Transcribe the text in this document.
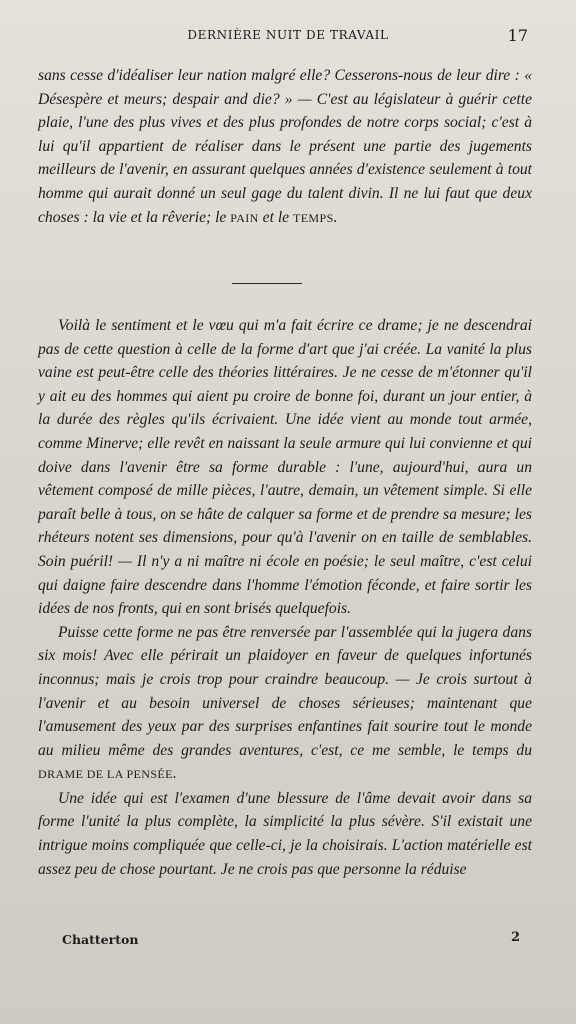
DERNIÈRE NUIT DE TRAVAIL	17

sans cesse d'idéaliser leur nation malgré elle? Cesserons-nous de leur dire : « Désespère et meurs; despair and die? » — C'est au législateur à guérir cette plaie, l'une des plus vives et des plus profondes de notre corps social; c'est à lui qu'il appartient de réaliser dans le présent une partie des jugements meilleurs de l'avenir, en assurant quelques années d'existence seulement à tout homme qui aurait donné un seul gage du talent divin. Il ne lui faut que deux choses : la vie et la rêverie; le PAIN et le TEMPS.

Voilà le sentiment et le vœu qui m'a fait écrire ce drame; je ne descendrai pas de cette question à celle de la forme d'art que j'ai créée. La vanité la plus vaine est peut-être celle des théories littéraires. Je ne cesse de m'étonner qu'il y ait eu des hommes qui aient pu croire de bonne foi, durant un jour entier, à la durée des règles qu'ils écrivaient. Une idée vient au monde tout armée, comme Minerve; elle revêt en naissant la seule armure qui lui convienne et qui doive dans l'avenir être sa forme durable : l'une, aujourd'hui, aura un vêtement composé de mille pièces, l'autre, demain, un vêtement simple. Si elle paraît belle à tous, on se hâte de calquer sa forme et de prendre sa mesure; les rhéteurs notent ses dimensions, pour qu'à l'avenir on en taille de semblables. Soin puéril! — Il n'y a ni maître ni école en poésie; le seul maître, c'est celui qui daigne faire descendre dans l'homme l'émotion féconde, et faire sortir les idées de nos fronts, qui en sont brisés quelquefois.

Puisse cette forme ne pas être renversée par l'assemblée qui la jugera dans six mois! Avec elle périrait un plaidoyer en faveur de quelques infortunés inconnus; mais je crois trop pour craindre beaucoup. — Je crois surtout à l'avenir et au besoin universel de choses sérieuses; maintenant que l'amusement des yeux par des surprises enfantines fait sourire tout le monde au milieu même des grandes aventures, c'est, ce me semble, le temps du DRAME DE LA PENSÉE.

Une idée qui est l'examen d'une blessure de l'âme devait avoir dans sa forme l'unité la plus complète, la simplicité la plus sévère. S'il existait une intrigue moins compliquée que celle-ci, je la choisirais. L'action matérielle est assez peu de chose pourtant. Je ne crois pas que personne la réduise

Chatterton	2
